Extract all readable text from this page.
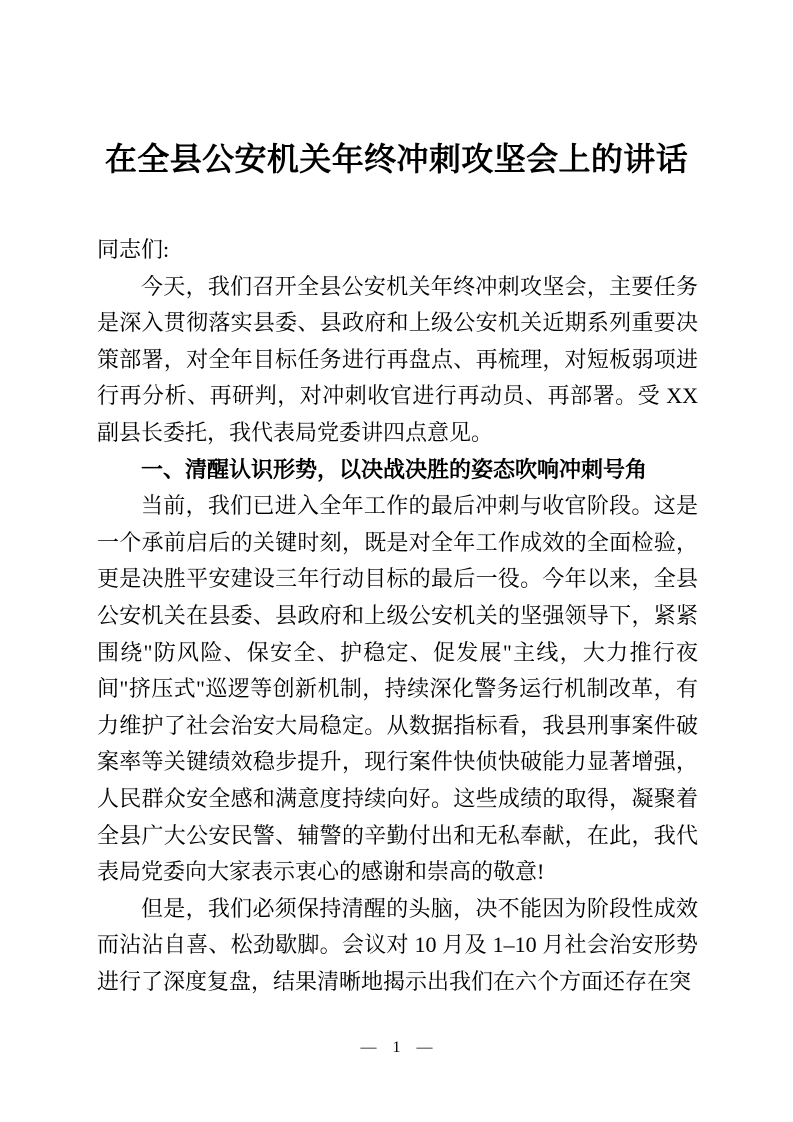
在全县公安机关年终冲刺攻坚会上的讲话

同志们:

今天，我们召开全县公安机关年终冲刺攻坚会，主要任务是深入贯彻落实县委、县政府和上级公安机关近期系列重要决策部署，对全年目标任务进行再盘点、再梳理，对短板弱项进行再分析、再研判，对冲刺收官进行再动员、再部署。受 XX 副县长委托，我代表局党委讲四点意见。

一、清醒认识形势，以决战决胜的姿态吹响冲刺号角

当前，我们已进入全年工作的最后冲刺与收官阶段。这是一个承前启后的关键时刻，既是对全年工作成效的全面检验，更是决胜平安建设三年行动目标的最后一役。今年以来，全县公安机关在县委、县政府和上级公安机关的坚强领导下，紧紧围绕"防风险、保安全、护稳定、促发展"主线，大力推行夜间"挤压式"巡逻等创新机制，持续深化警务运行机制改革，有力维护了社会治安大局稳定。从数据指标看，我县刑事案件破案率等关键绩效稳步提升，现行案件快侦快破能力显著增强，人民群众安全感和满意度持续向好。这些成绩的取得，凝聚着全县广大公安民警、辅警的辛勤付出和无私奉献，在此，我代表局党委向大家表示衷心的感谢和崇高的敬意!

但是，我们必须保持清醒的头脑，决不能因为阶段性成效而沾沾自喜、松劲歇脚。会议对 10 月及 1–10 月社会治安形势进行了深度复盘，结果清晰地揭示出我们在六个方面还存在突

— 1 —
